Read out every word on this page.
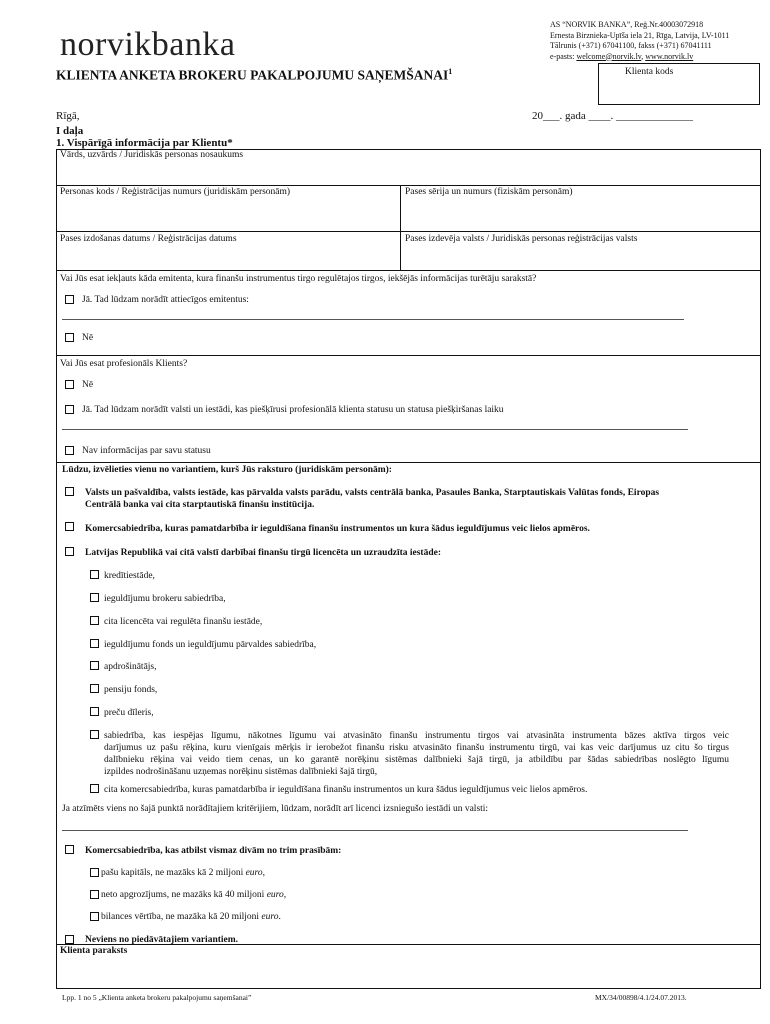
norvikbanka
AS “NORVIK BANKA”, Reģ.Nr.40003072918
Ernesta Birznieka-Upīša iela 21, Rīga, Latvija, LV-1011
Tālrunis (+371) 67041100, fakss (+371) 67041111
e-pasts: welcome@norvik.lv, www.norvik.lv
KLIENTA ANKETA BROKERU PAKALPOJUMU SAŅEMŠANAI$^1$	Klienta kods
Rīgā,	20___. gada ____. ______________
I daļa
1. Vispārīgā informācija par Klientu*
Vārds, uzvārds / Juridiskās personas nosaukums
Personas kods / Reģistrācijas numurs (juridiskām personām)	Pases sērija un numurs (fiziskām personām)
Pases izdošanas datums / Reģistrācijas datums	Pases izdevēja valsts / Juridiskās personas reģistrācijas valsts
Vai Jūs esat iekļauts kāda emitenta, kura finanšu instrumentus tirgo regulētajos tirgos, iekšējās informācijas turētāju sarakstā?
Jā. Tad lūdzam norādīt attiecīgos emitentus:
Nē
Vai Jūs esat profesionāls Klients?
Nē
Jā. Tad lūdzam norādīt valsti un iestādi, kas piešķīrusi profesionālā klienta statusu un statusa piešķiršanas laiku
Nav informācijas par savu statusu
Lūdzu, izvēlieties vienu no variantiem, kurš Jūs raksturo (juridiskām personām):
Valsts un pašvaldība, valsts iestāde, kas pārvalda valsts parādu, valsts centrālā banka, Pasaules Banka, Starptautiskais Valūtas fonds, Eiropas
Centrālā banka vai cita starptautiskā finanšu institūcija.
Komercsabiedrība, kuras pamatdarbība ir ieguldīšana finanšu instrumentos un kura šādus ieguldījumus veic lielos apmēros.
Latvijas Republikā vai citā valstī darbībai finanšu tirgū licencēta un uzraudzīta iestāde:
kredītiestāde,
ieguldījumu brokeru sabiedrība,
cita licencēta vai regulēta finanšu iestāde,
ieguldījumu fonds un ieguldījumu pārvaldes sabiedrība,
apdrošinātājs,
pensiju fonds,
preču dīleris,
sabiedrība, kas iespējas līgumu, nākotnes līgumu vai atvasināto finanšu instrumentu tirgos vai atvasināta instrumenta bāzes aktīva tirgos veic
darījumus uz pašu rēķina, kuru vienīgais mērķis ir ierobežot finanšu risku atvasināto finanšu instrumentu tirgū, vai kas veic darījumus uz citu šo tirgus
dalībnieku rēķina vai veido tiem cenas, un ko garantē norēķinu sistēmas dalībnieki šajā tirgū, ja atbildību par šādas sabiedrības noslēgto līgumu
izpildes nodrošināšanu uzņemas norēķinu sistēmas dalībnieki šajā tirgū,
cita komercsabiedrība, kuras pamatdarbība ir ieguldīšana finanšu instrumentos un kura šādus ieguldījumus veic lielos apmēros.
Ja atzīmēts viens no šajā punktā norādītajiem kritērijiem, lūdzam, norādīt arī licenci izsniegušo iestādi un valsti:
Komercsabiedrība, kas atbilst vismaz divām no trim prasībām:
pašu kapitāls, ne mazāks kā 2 miljoni euro,
neto apgrozījums, ne mazāks kā 40 miljoni euro,
bilances vērtība, ne mazāka kā 20 miljoni euro.
Neviens no piedāvātajiem variantiem.
Klienta paraksts
Lpp. 1 no 5 „Klienta anketa brokeru pakalpojumu saņemšanai”	MX/34/00898/4.1/24.07.2013.
